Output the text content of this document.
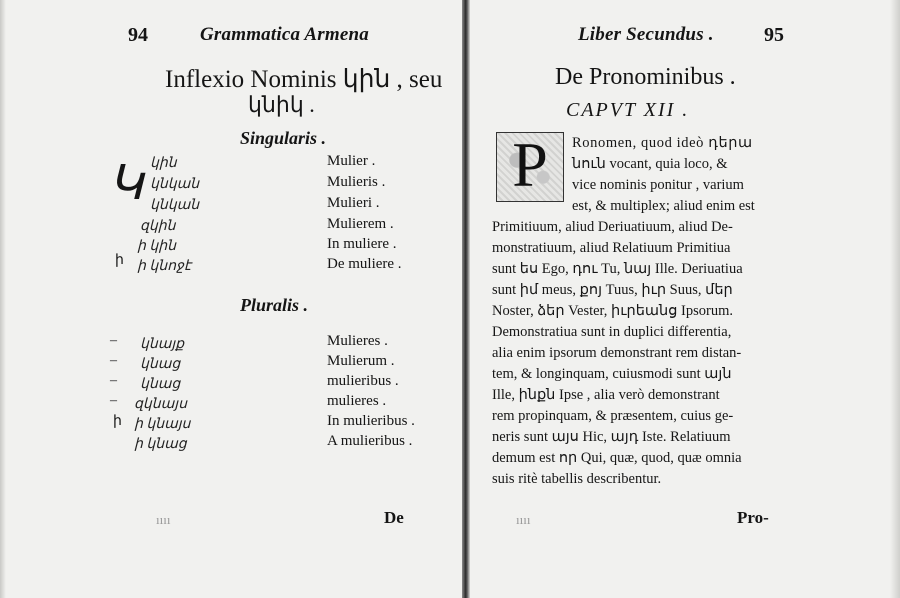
94	Grammatica Armena
Inflexio Nominis կին , seu
կնիկ .
Singularis .
Կ կին	Mulier .
կնկան	Mulieris .
կնկան	Mulieri .
զկին	Mulierem .
ի կին	In muliere .
ի ի կնոջէ	De muliere .
Pluralis .
– կնայք	Mulieres .
– կնաց	Mulierum .
– կնաց	mulieribus .
– զկնայս	mulieres .
ի ի կնայս	In mulieribus .
ի կնաց	A mulieribus .
ıııı	De
Liber Secundus .	95
De Pronominibus .
CAPVT XII .
P	Ronomen, quod ideò դերա
նուն vocant, quia loco, &
vice nominis ponitur , varium
est, & multiplex; aliud enim est
Primitiuum, aliud Deriuatiuum, aliud De-
monstratiuum, aliud Relatiuum Primitiua
sunt ես Ego, դու Tu, նայ Ille. Deriuatiua
sunt իմ meus, քոյ Tuus, իւր Suus, մեր
Noster, ձեր Vester, իւրեանց Ipsorum.
Demonstratiua sunt in duplici differentia,
alia enim ipsorum demonstrant rem distan-
tem, & longinquam, cuiusmodi sunt այն
Ille, ինքն Ipse , alia verò demonstrant
rem propinquam, & præsentem, cuius ge-
neris sunt այս Hic, այդ Iste. Relatiuum
demum est որ Qui, quæ, quod, quæ omnia
suis ritè tabellis describentur.
ıııı	Pro-
